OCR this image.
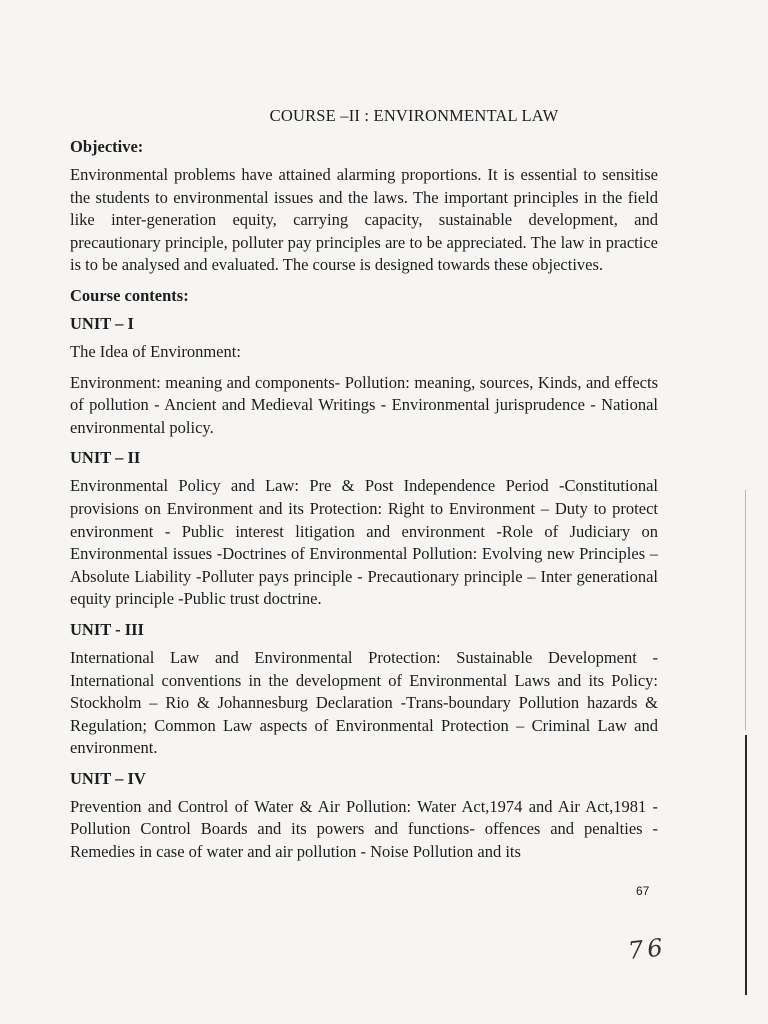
COURSE –II : ENVIRONMENTAL LAW
Objective:

Environmental problems have attained alarming proportions. It is essential to sensitise the students to environmental issues and the laws. The important principles in the field like inter-generation equity, carrying capacity, sustainable development, and precautionary principle, polluter pay principles are to be appreciated. The law in practice is to be analysed and evaluated. The course is designed towards these objectives.

Course contents:
UNIT – I

The Idea of Environment:

Environment: meaning and components- Pollution: meaning, sources, Kinds, and effects of pollution - Ancient and Medieval Writings - Environmental jurisprudence - National environmental policy.

UNIT – II

Environmental Policy and Law: Pre & Post Independence Period -Constitutional provisions on Environment and its Protection: Right to Environment – Duty to protect environment - Public interest litigation and environment -Role of Judiciary on Environmental issues -Doctrines of Environmental Pollution: Evolving new Principles – Absolute Liability -Polluter pays principle - Precautionary principle – Inter generational equity principle -Public trust doctrine.

UNIT - III

International Law and Environmental Protection: Sustainable Development - International conventions in the development of Environmental Laws and its Policy: Stockholm – Rio & Johannesburg Declaration -Trans-boundary Pollution hazards & Regulation; Common Law aspects of Environmental Protection – Criminal Law and environment.

UNIT – IV

Prevention and Control of Water & Air Pollution: Water Act,1974 and Air Act,1981 -Pollution Control Boards and its powers and functions- offences and penalties -Remedies in case of water and air pollution - Noise Pollution and its

67
76
